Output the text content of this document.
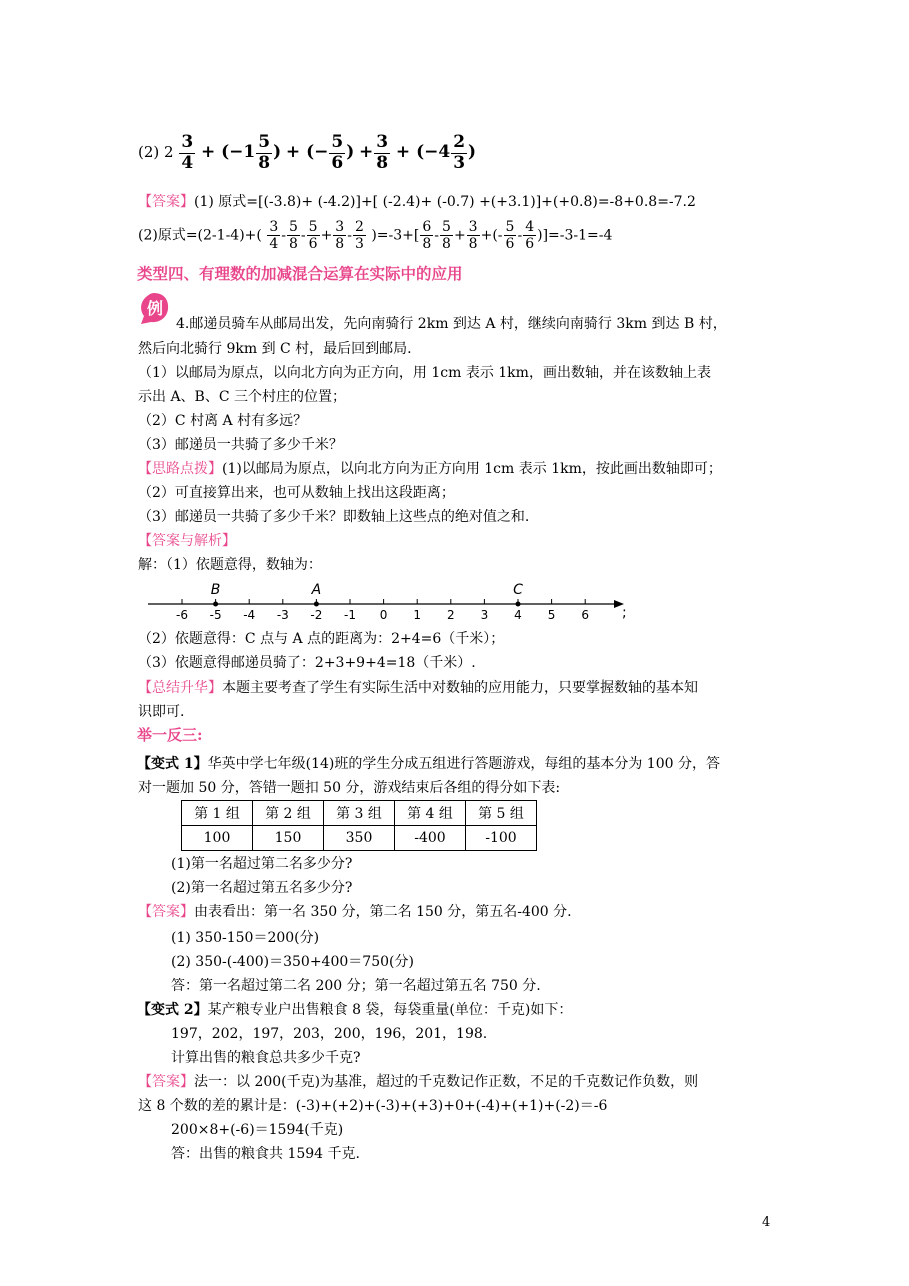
(2) $2 \frac{3}{4} + (-1 \frac{5}{8}$ ) + (− $\frac{5}{6}$ ) + $\frac{3}{8} + (-4 \frac{2}{3}$ )
【答案】(1) 原式=[(-3.8)+ (-4.2)]+[ (-2.4)+ (-0.7) +(+3.1)]+(+0.8)=-8+0.8=-7.2
(2)原式$=(2-1-4)+( \frac{3}{4} - \frac{5}{8} - \frac{5}{6} + \frac{3}{8} - \frac{2}{3} )=-3+[ \frac{6}{8} - \frac{5}{8} + \frac{3}{8}$ +(- $\frac{5}{6} - \frac{4}{6} )]=-3-1=-4$
类型四、有理数的加减混合运算在实际中的应用
例
4.邮递员骑车从邮局出发，先向南骑行 2km 到达 A 村，继续向南骑行 3km 到达 B 村，
然后向北骑行 9km 到 C 村，最后回到邮局.
（1）以邮局为原点，以向北方向为正方向，用 1cm 表示 1km，画出数轴，并在该数轴上表
示出 A、B、C 三个村庄的位置；
（2）C 村离 A 村有多远？
（3）邮递员一共骑了多少千米？
【思路点拨】(1)以邮局为原点，以向北方向为正方向用 1cm 表示 1km，按此画出数轴即可；
（2）可直接算出来，也可从数轴上找出这段距离；
（3）邮递员一共骑了多少千米？即数轴上这些点的绝对值之和.
【答案与解析】
解：（1）依题意得，数轴为：
-6 -5 -4 -3 -2 -1 0 1 2 3 4 5 6
B	A	C
;
（2）依题意得：C 点与 A 点的距离为：2+4=6（千米）；
（3）依题意得邮递员骑了：2+3+9+4=18（千米）.
【总结升华】本题主要考查了学生有实际生活中对数轴的应用能力，只要掌握数轴的基本知
识即可.
举一反三:
【变式 1】华英中学七年级(14)班的学生分成五组进行答题游戏，每组的基本分为 100 分，答
对一题加 50 分，答错一题扣 50 分，游戏结束后各组的得分如下表:
第 1 组	第 2 组	第 3 组	第 4 组	第 5 组
100	150	350	-400	-100
(1)第一名超过第二名多少分?
(2)第一名超过第五名多少分?
【答案】由表看出：第一名 350 分，第二名 150 分，第五名-400 分.
(1) 350-150＝200(分)
(2) 350-(-400)＝350+400＝750(分)
答：第一名超过第二名 200 分；第一名超过第五名 750 分.
【变式 2】某产粮专业户出售粮食 8 袋，每袋重量(单位：千克)如下：
197，202，197，203，200，196，201，198.
计算出售的粮食总共多少千克?
【答案】法一：以 200(千克)为基准，超过的千克数记作正数，不足的千克数记作负数，则
这 8 个数的差的累计是：(-3)+(+2)+(-3)+(+3)+0+(-4)+(+1)+(-2)＝-6
200×8+(-6)＝1594(千克)
答：出售的粮食共 1594 千克.
4
